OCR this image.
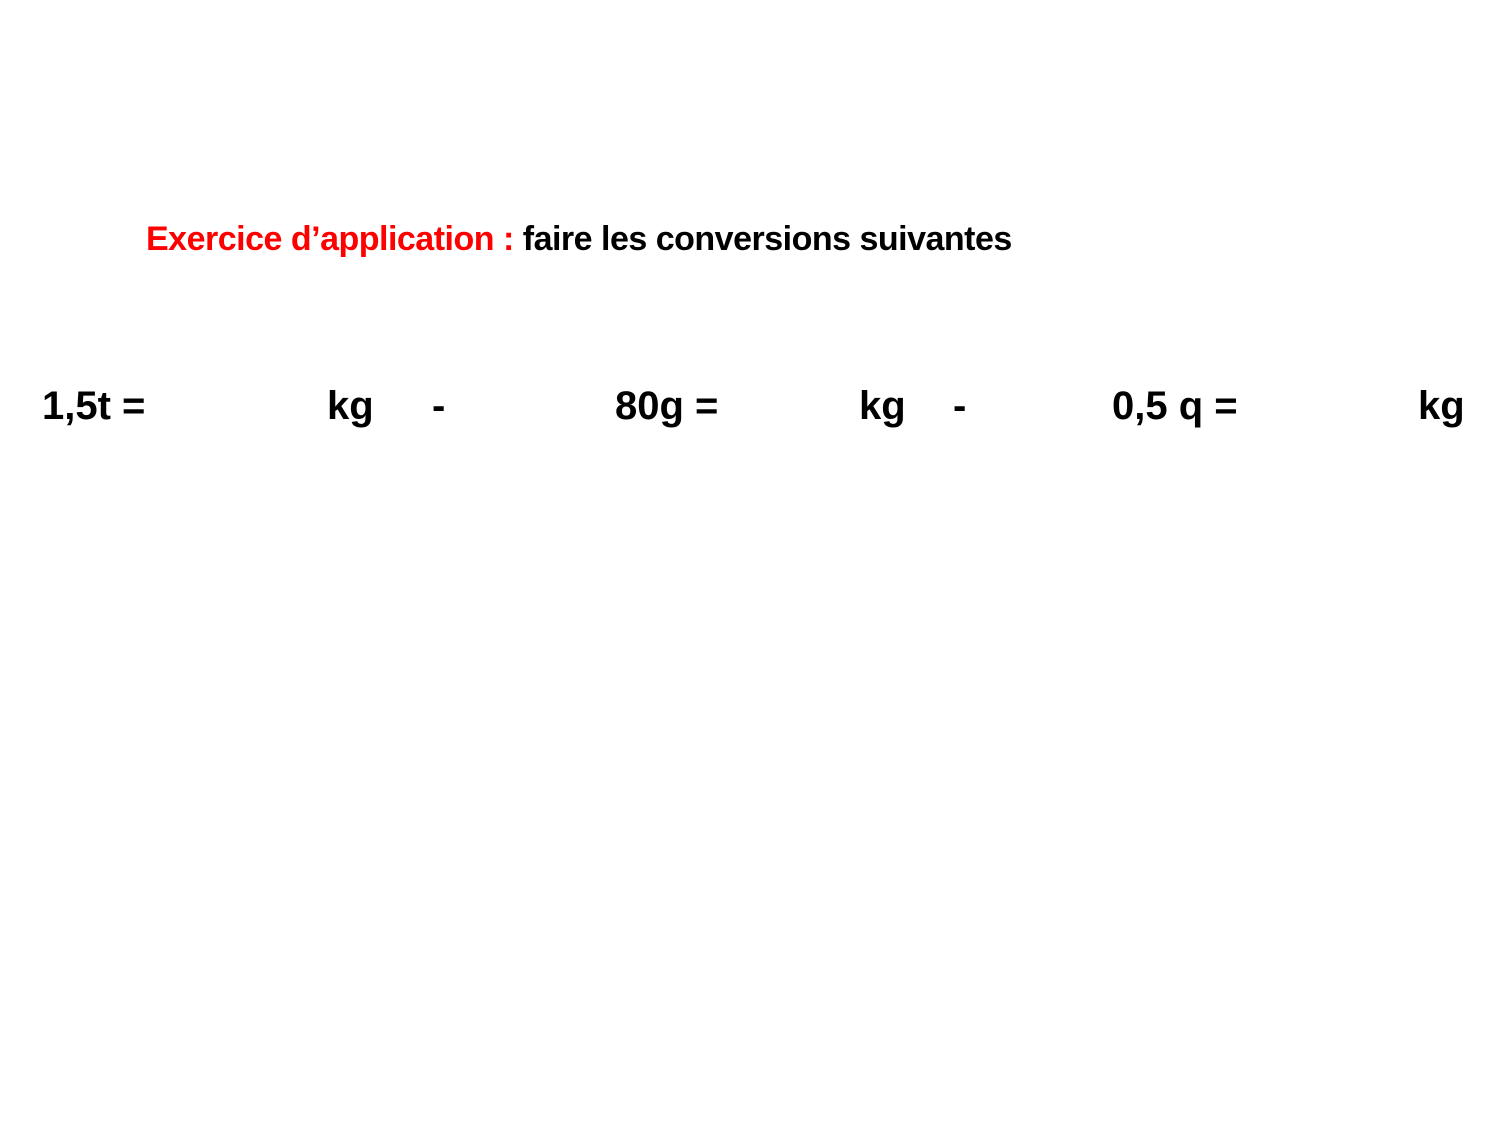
Exercice d’application : faire les conversions suivantes
1,5t =	kg -	80g =	kg -	0,5 q =	kg
